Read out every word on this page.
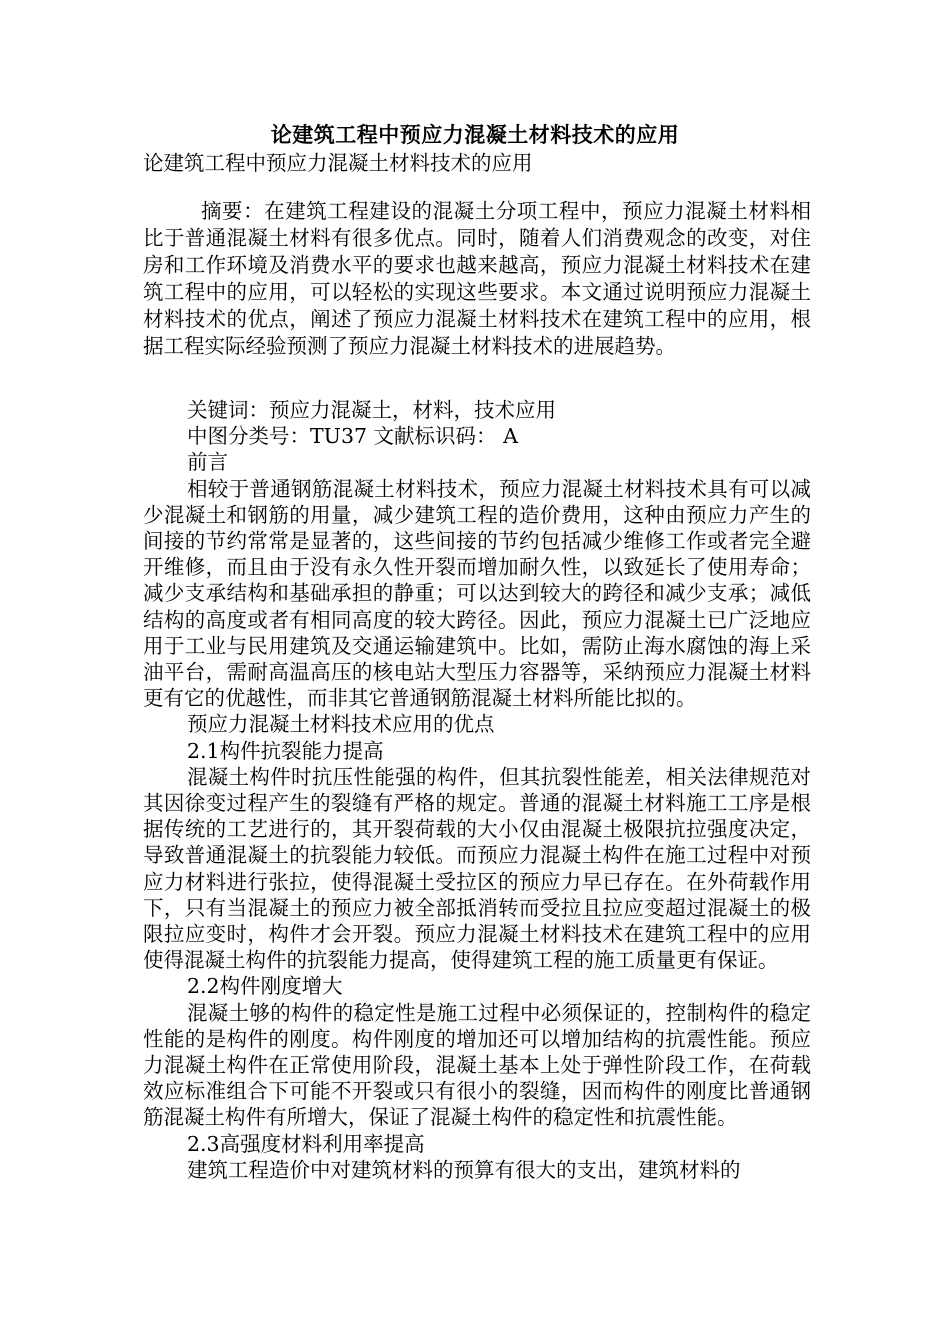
论建筑工程中预应力混凝土材料技术的应用
论建筑工程中预应力混凝土材料技术的应用
摘要：在建筑工程建设的混凝土分项工程中，预应力混凝土材料相比于普通混凝土材料有很多优点。同时，随着人们消费观念的改变，对住房和工作环境及消费水平的要求也越来越高，预应力混凝土材料技术在建筑工程中的应用，可以轻松的实现这些要求。本文通过说明预应力混凝土材料技术的优点，阐述了预应力混凝土材料技术在建筑工程中的应用，根据工程实际经验预测了预应力混凝土材料技术的进展趋势。
关键词：预应力混凝土，材料，技术应用
中图分类号：TU37 文献标识码： A
前言
相较于普通钢筋混凝土材料技术，预应力混凝土材料技术具有可以减少混凝土和钢筋的用量，减少建筑工程的造价费用，这种由预应力产生的间接的节约常常是显著的，这些间接的节约包括减少维修工作或者完全避开维修，而且由于没有永久性开裂而增加耐久性，以致延长了使用寿命；减少支承结构和基础承担的静重；可以达到较大的跨径和减少支承；减低结构的高度或者有相同高度的较大跨径。因此，预应力混凝土已广泛地应用于工业与民用建筑及交通运输建筑中。比如，需防止海水腐蚀的海上采油平台，需耐高温高压的核电站大型压力容器等，采纳预应力混凝土材料更有它的优越性，而非其它普通钢筋混凝土材料所能比拟的。
预应力混凝土材料技术应用的优点
2.1构件抗裂能力提高
混凝土构件时抗压性能强的构件，但其抗裂性能差，相关法律规范对其因徐变过程产生的裂缝有严格的规定。普通的混凝土材料施工工序是根据传统的工艺进行的，其开裂荷载的大小仅由混凝土极限抗拉强度决定，导致普通混凝土的抗裂能力较低。而预应力混凝土构件在施工过程中对预应力材料进行张拉，使得混凝土受拉区的预应力早已存在。在外荷载作用下，只有当混凝土的预应力被全部抵消转而受拉且拉应变超过混凝土的极限拉应变时，构件才会开裂。预应力混凝土材料技术在建筑工程中的应用使得混凝土构件的抗裂能力提高，使得建筑工程的施工质量更有保证。
2.2构件刚度增大
混凝土够的构件的稳定性是施工过程中必须保证的，控制构件的稳定性能的是构件的刚度。构件刚度的增加还可以增加结构的抗震性能。预应力混凝土构件在正常使用阶段，混凝土基本上处于弹性阶段工作，在荷载效应标准组合下可能不开裂或只有很小的裂缝，因而构件的刚度比普通钢筋混凝土构件有所增大，保证了混凝土构件的稳定性和抗震性能。
2.3高强度材料利用率提高
建筑工程造价中对建筑材料的预算有很大的支出，建筑材料的
